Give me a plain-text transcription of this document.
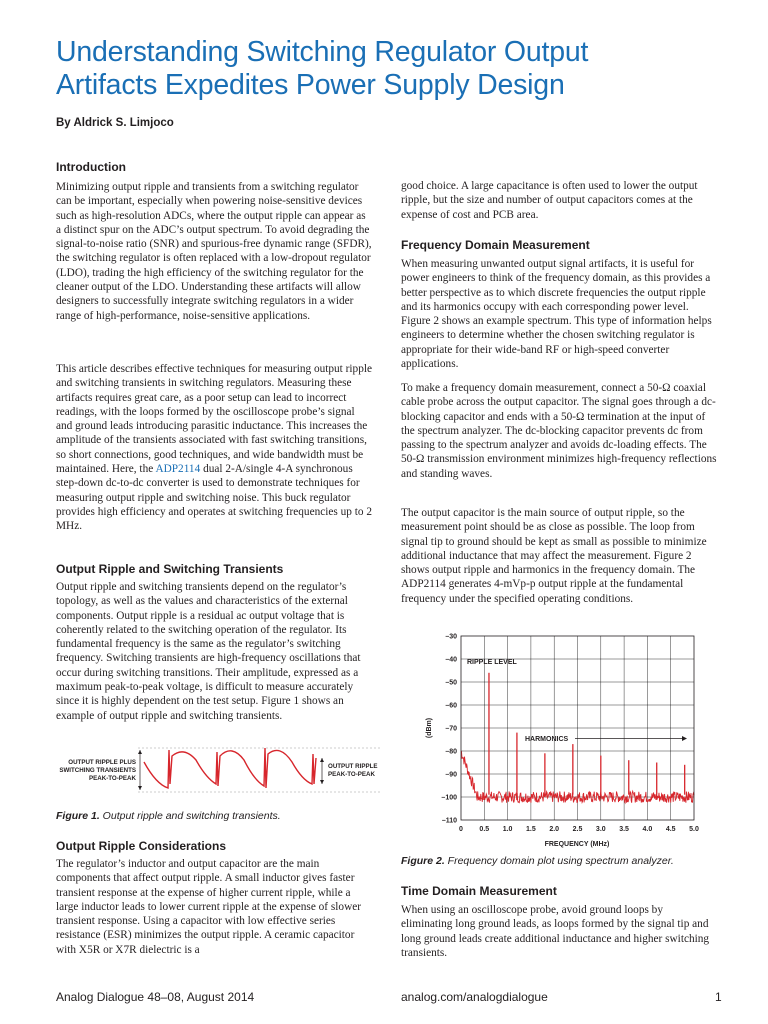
Understanding Switching Regulator Output
Artifacts Expedites Power Supply Design
By Aldrick S. Limjoco
Introduction
Minimizing output ripple and transients from a switching regulator can be important, especially when powering noise-sensitive devices such as high-resolution ADCs, where the output ripple can appear as a distinct spur on the ADC’s output spectrum. To avoid degrading the signal-to-noise ratio (SNR) and spurious-free dynamic range (SFDR), the switching regulator is often replaced with a low-dropout regulator (LDO), trading the high efficiency of the switching regulator for the cleaner output of the LDO. Understanding these artifacts will allow designers to successfully integrate switching regulators in a wider range of high-performance, noise-sensitive applications.
This article describes effective techniques for measuring output ripple and switching transients in switching regulators. Measuring these artifacts requires great care, as a poor setup can lead to incorrect readings, with the loops formed by the oscilloscope probe’s signal and ground leads introducing parasitic inductance. This increases the amplitude of the transients associated with fast switching transitions, so short connections, good techniques, and wide bandwidth must be maintained. Here, the ADP2114 dual 2-A/single 4-A synchronous step-down dc-to-dc converter is used to demonstrate techniques for measuring output ripple and switching noise. This buck regulator provides high efficiency and operates at switching frequencies up to 2 MHz.
Output Ripple and Switching Transients
Output ripple and switching transients depend on the regulator’s topology, as well as the values and characteristics of the external components. Output ripple is a residual ac output voltage that is coherently related to the switching operation of the regulator. Its fundamental frequency is the same as the regulator’s switching frequency. Switching transients are high-frequency oscillations that occur during switching transitions. Their amplitude, expressed as a maximum peak-to-peak voltage, is difficult to measure accurately since it is highly dependent on the test setup. Figure 1 shows an example of output ripple and switching transients.
OUTPUT RIPPLE PLUS
SWITCHING TRANSIENTS
PEAK-TO-PEAK
OUTPUT RIPPLE
PEAK-TO-PEAK
Figure 1. Output ripple and switching transients.
Output Ripple Considerations
The regulator’s inductor and output capacitor are the main components that affect output ripple. A small inductor gives faster transient response at the expense of higher current ripple, while a large inductor leads to lower current ripple at the expense of slower transient response. Using a capacitor with low effective series resistance (ESR) minimizes the output ripple. A ceramic capacitor with X5R or X7R dielectric is a
good choice. A large capacitance is often used to lower the output ripple, but the size and number of output capacitors comes at the expense of cost and PCB area.
Frequency Domain Measurement
When measuring unwanted output signal artifacts, it is useful for power engineers to think of the frequency domain, as this provides a better perspective as to which discrete frequencies the output ripple and its harmonics occupy with each corresponding power level. Figure 2 shows an example spectrum. This type of information helps engineers to determine whether the chosen switching regulator is appropriate for their wide-band RF or high-speed converter applications.
To make a frequency domain measurement, connect a 50-Ω coaxial cable probe across the output capacitor. The signal goes through a dc-blocking capacitor and ends with a 50-Ω termination at the input of the spectrum analyzer. The dc-blocking capacitor prevents dc from passing to the spectrum analyzer and avoids dc-loading effects. The 50-Ω transmission environment minimizes high-frequency reflections and standing waves.
The output capacitor is the main source of output ripple, so the measurement point should be as close as possible. The loop from signal tip to ground should be kept as small as possible to minimize additional inductance that may affect the measurement. Figure 2 shows output ripple and harmonics in the frequency domain. The ADP2114 generates 4-mVp-p output ripple at the fundamental frequency under the specified operating conditions.
–30
–40
–50
–60
–70
–80
–90
–100
–110
0 0.5 1.0 1.5 2.0 2.5 3.0 3.5 4.0 4.5 5.0
(dBm)
FREQUENCY (MHz)
RIPPLE LEVEL
HARMONICS
Figure 2. Frequency domain plot using spectrum analyzer.
Time Domain Measurement
When using an oscilloscope probe, avoid ground loops by eliminating long ground leads, as loops formed by the signal tip and long ground leads create additional inductance and higher switching transients.
Analog Dialogue 48–08, August 2014	analog.com/analogdialogue	1
